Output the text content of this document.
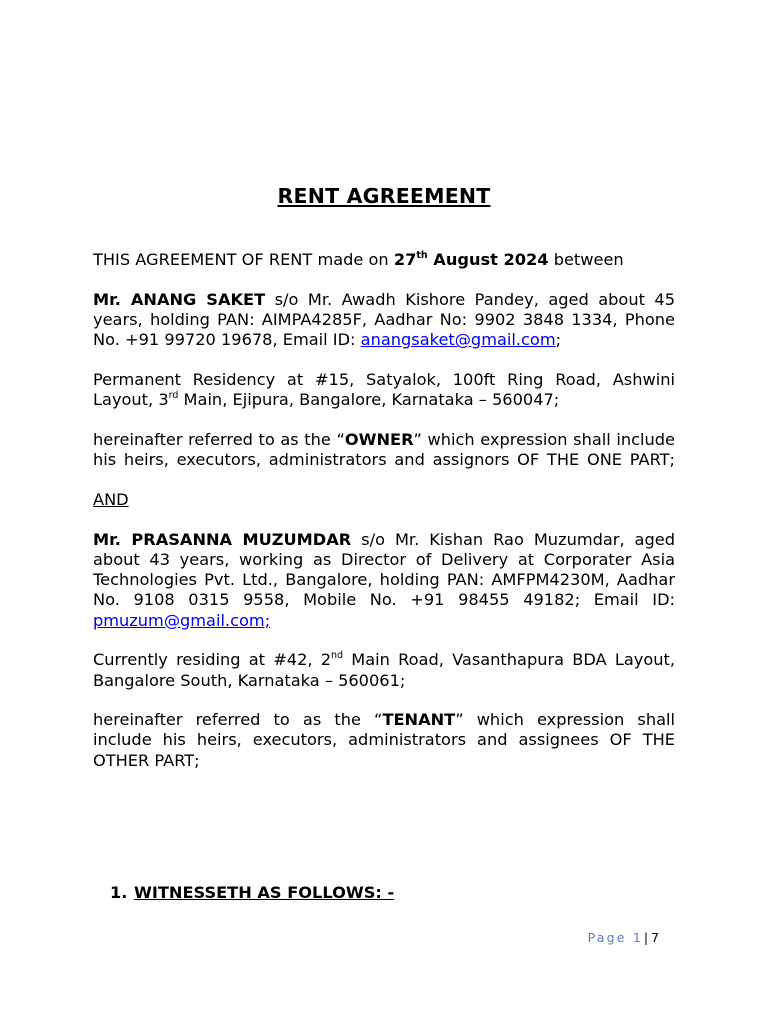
RENT AGREEMENT

THIS AGREEMENT OF RENT made on 27th August 2024 between

Mr. ANANG SAKET s/o Mr. Awadh Kishore Pandey, aged about 45 years, holding PAN: AIMPA4285F, Aadhar No: 9902 3848 1334, Phone No. +91 99720 19678, Email ID: anangsaket@gmail.com;

Permanent Residency at #15, Satyalok, 100ft Ring Road, Ashwini Layout, 3rd Main, Ejipura, Bangalore, Karnataka – 560047;

hereinafter referred to as the “OWNER” which expression shall include his heirs, executors, administrators and assignors OF THE ONE PART;

AND

Mr. PRASANNA MUZUMDAR s/o Mr. Kishan Rao Muzumdar, aged about 43 years, working as Director of Delivery at Corporater Asia Technologies Pvt. Ltd., Bangalore, holding PAN: AMFPM4230M, Aadhar No. 9108 0315 9558, Mobile No. +91 98455 49182; Email ID: pmuzum@gmail.com;

Currently residing at #42, 2nd Main Road, Vasanthapura BDA Layout, Bangalore South, Karnataka – 560061;

hereinafter referred to as the “TENANT” which expression shall include his heirs, executors, administrators and assignees OF THE OTHER PART;

1. WITNESSETH AS FOLLOWS: -
Page 1 | 7
